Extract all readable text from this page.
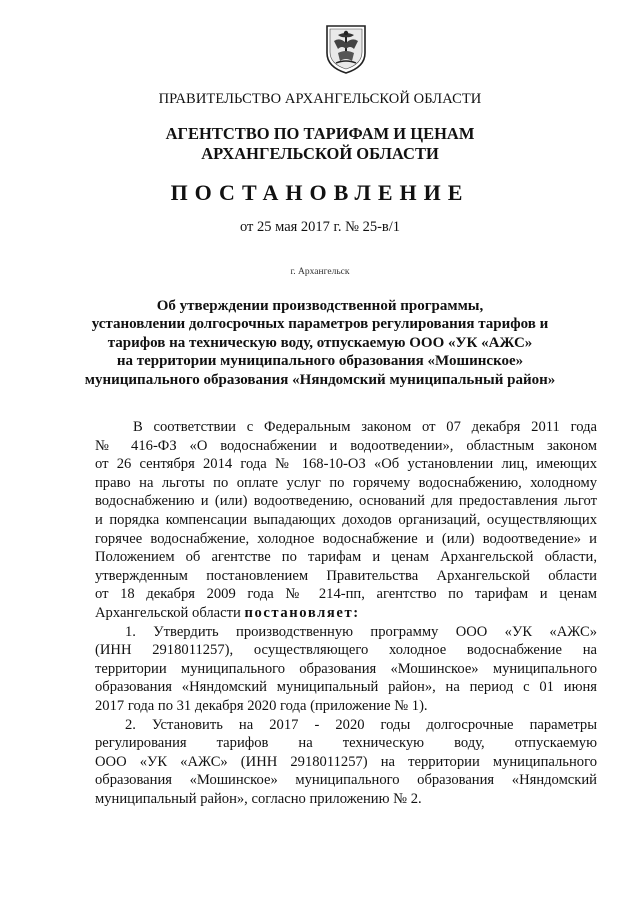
ПРАВИТЕЛЬСТВО АРХАНГЕЛЬСКОЙ ОБЛАСТИ
АГЕНТСТВО ПО ТАРИФАМ И ЦЕНАМ
АРХАНГЕЛЬСКОЙ ОБЛАСТИ
ПОСТАНОВЛЕНИЕ
от 25 мая 2017 г. № 25-в/1
г. Архангельск
Об утверждении производственной программы,
установлении долгосрочных параметров регулирования тарифов и
тарифов на техническую воду, отпускаемую ООО «УК «АЖС»
на территории муниципального образования «Мошинское»
муниципального образования «Няндомский муниципальный район»
В соответствии с Федеральным законом от 07 декабря 2011 года
№ 416-ФЗ «О водоснабжении и водоотведении», областным законом
от 26 сентября 2014 года № 168-10-ОЗ «Об установлении лиц, имеющих
право на льготы по оплате услуг по горячему водоснабжению, холодному
водоснабжению и (или) водоотведению, оснований для предоставления льгот
и порядка компенсации выпадающих доходов организаций, осуществляющих
горячее водоснабжение, холодное водоснабжение и (или) водоотведение» и
Положением об агентстве по тарифам и ценам Архангельской области,
утвержденным постановлением Правительства Архангельской области
от 18 декабря 2009 года № 214-пп, агентство по тарифам и ценам
Архангельской области постановляет:
1. Утвердить производственную программу ООО «УК «АЖС»
(ИНН 2918011257), осуществляющего холодное водоснабжение на
территории муниципального образования «Мошинское» муниципального
образования «Няндомский муниципальный район», на период с 01 июня
2017 года по 31 декабря 2020 года (приложение № 1).
2. Установить на 2017 - 2020 годы долгосрочные параметры
регулирования тарифов на техническую воду, отпускаемую
ООО «УК «АЖС» (ИНН 2918011257) на территории муниципального
образования «Мошинское» муниципального образования «Няндомский
муниципальный район», согласно приложению № 2.
